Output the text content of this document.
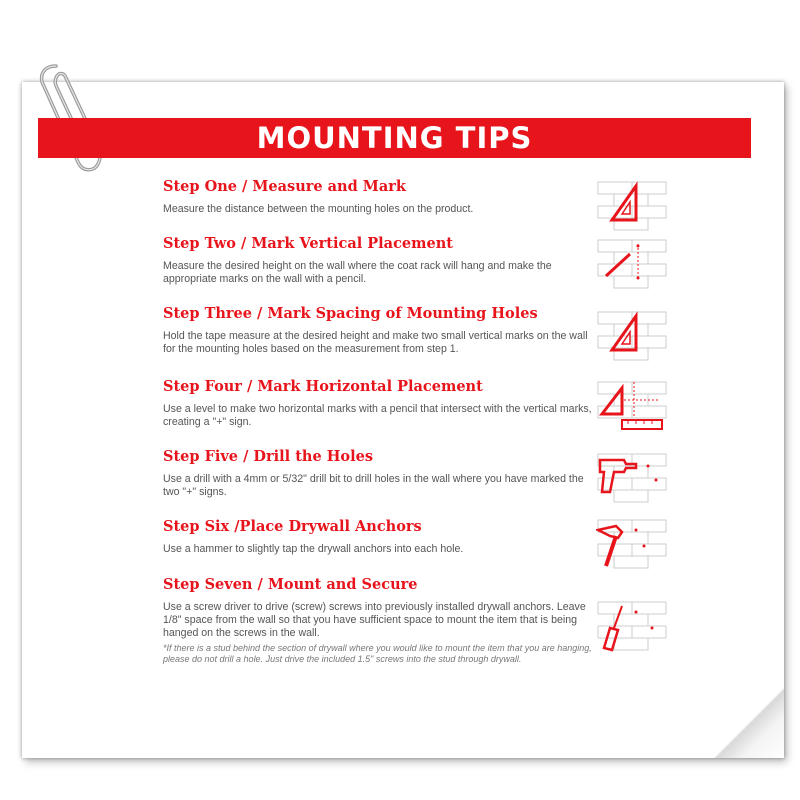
MOUNTING TIPS
Step One / Measure and Mark

Measure the distance between the mounting holes on the product.

Step Two / Mark Vertical Placement

Measure the desired height on the wall where the coat rack will hang and make the appropriate marks on the wall with a pencil.

Step Three / Mark Spacing of Mounting Holes

Hold the tape measure at the desired height and make two small vertical marks on the wall for the mounting holes based on the measurement from step 1.

Step Four / Mark Horizontal Placement

Use a level to make two horizontal marks with a pencil that intersect with the vertical marks, creating a "+" sign.

Step Five / Drill the Holes

Use a drill with a 4mm or 5/32" drill bit to drill holes in the wall where you have marked the two "+" signs.

Step Six /Place Drywall Anchors

Use a hammer to slightly tap the drywall anchors into each hole.

Step Seven / Mount and Secure

Use a screw driver to drive (screw) screws into previously installed drywall anchors. Leave 1/8" space from the wall so that you have sufficient space to mount the item that is being hanged on the screws in the wall.

*If there is a stud behind the section of drywall where you would like to mount the item that you are hanging, please do not drill a hole. Just drive the included 1.5" screws into the stud through drywall.
